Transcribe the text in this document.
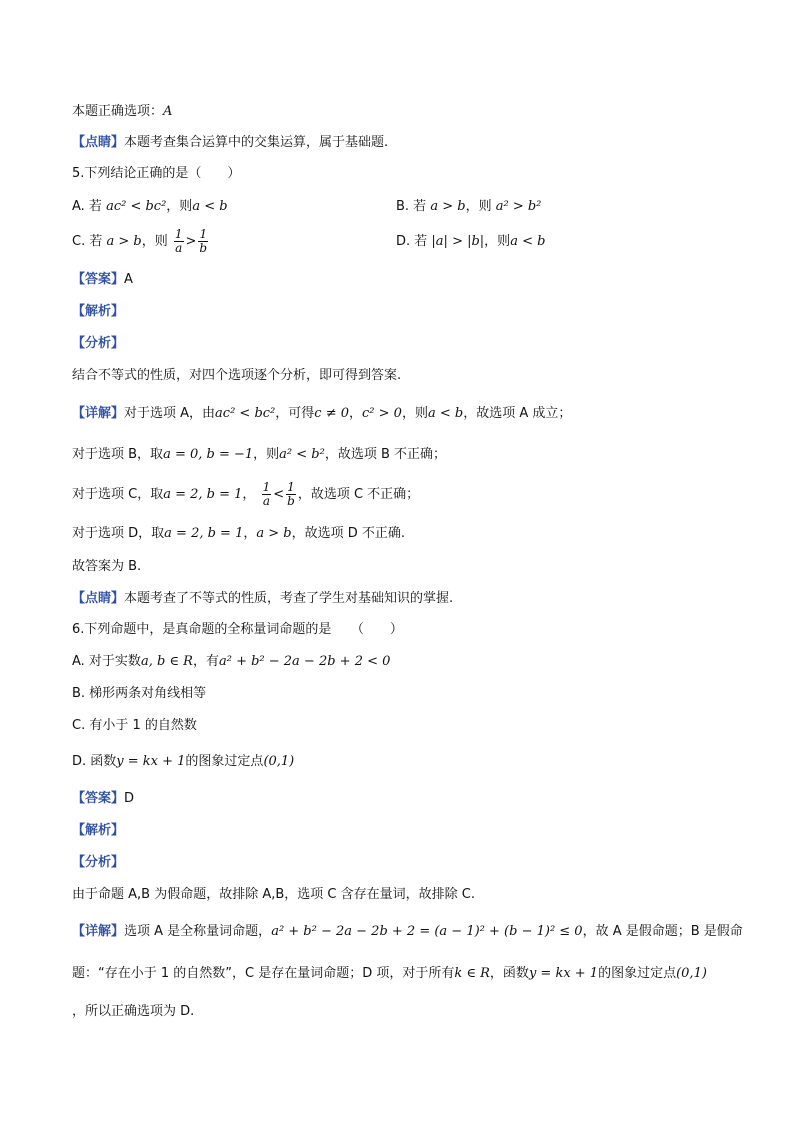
本题正确选项：A
【点睛】本题考查集合运算中的交集运算，属于基础题.
5.下列结论正确的是（　　）
A. 若 ac² < bc²，则a < b	B. 若 a > b，则 a² > b²
C. 若 a > b，则 $\frac{1}{a} > \frac{1}{b}$	D. 若 |a| > |b|，则a < b
【答案】A
【解析】
【分析】
结合不等式的性质，对四个选项逐个分析，即可得到答案.
【详解】对于选项 A，由ac² < bc²，可得c ≠ 0，c² > 0，则a < b，故选项 A 成立；
对于选项 B，取a = 0, b = −1，则a² < b²，故选项 B 不正确；
对于选项 C，取a = 2, b = 1， $\frac{1}{a} < \frac{1}{b}$ ，故选项 C 不正确；
对于选项 D，取a = 2, b = 1，a > b，故选项 D 不正确.
故答案为 B.
【点睛】本题考查了不等式的性质，考查了学生对基础知识的掌握.
6.下列命题中，是真命题的全称量词命题的是　　（　　）
A. 对于实数a, b ∈ R，有a² + b² − 2a − 2b + 2 < 0
B. 梯形两条对角线相等
C. 有小于 1 的自然数
D. 函数y = kx + 1的图象过定点(0,1)
【答案】D
【解析】
【分析】
由于命题 A,B 为假命题，故排除 A,B，选项 C 含存在量词，故排除 C.
【详解】选项 A 是全称量词命题，a² + b² − 2a − 2b + 2 = (a − 1)² + (b − 1)² ≤ 0，故 A 是假命题；B 是假命
题：“存在小于 1 的自然数”，C 是存在量词命题；D 项，对于所有k ∈ R，函数y = kx + 1的图象过定点(0,1)
，所以正确选项为 D.
